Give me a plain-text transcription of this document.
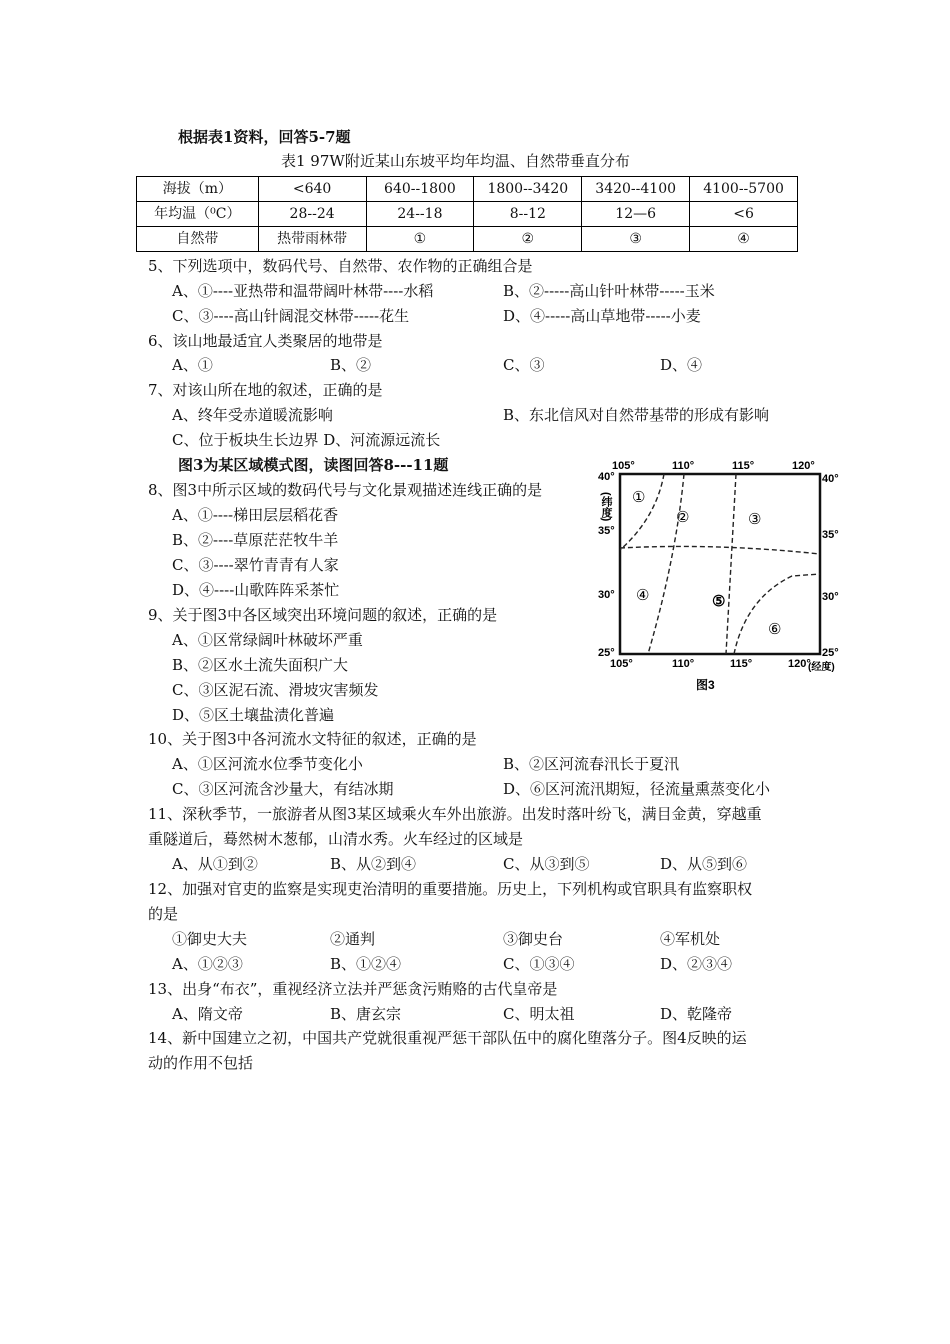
根据表1资料，回答5-7题
表1 97W附近某山东坡平均年均温、自然带垂直分布
海拔（m）	<640	640--1800	1800--3420	3420--4100	4100--5700
年均温（⁰C）	28--24	24--18	8--12	12—6	<6
自然带	热带雨林带	①	②	③	④
5、下列选项中，数码代号、自然带、农作物的正确组合是
A、①----亚热带和温带阔叶林带----水稻	B、②-----高山针叶林带-----玉米
C、③----高山针阔混交林带-----花生	D、④-----高山草地带-----小麦
6、该山地最适宜人类聚居的地带是
A、①	B、②	C、③	D、④
7、对该山所在地的叙述，正确的是
A、终年受赤道暖流影响	B、东北信风对自然带基带的形成有影响
C、位于板块生长边界 D、河流源远流长
图3为某区域模式图，读图回答8---11题
8、图3中所示区域的数码代号与文化景观描述连线正确的是
A、①----梯田层层稻花香
B、②----草原茫茫牧牛羊
C、③----翠竹青青有人家
D、④----山歌阵阵采茶忙
9、关于图3中各区域突出环境问题的叙述，正确的是
A、①区常绿阔叶林破坏严重
B、②区水土流失面积广大
C、③区泥石流、滑坡灾害频发
D、⑤区土壤盐渍化普遍
10、关于图3中各河流水文特征的叙述，正确的是
A、①区河流水位季节变化小	B、②区河流春汛长于夏汛
C、③区河流含沙量大，有结冰期	D、⑥区河流汛期短，径流量熏蒸变化小
11、深秋季节，一旅游者从图3某区域乘火车外出旅游。出发时落叶纷飞，满目金黄，穿越重
重隧道后，蓦然树木葱郁，山清水秀。火车经过的区域是
A、从①到②	B、从②到④	C、从③到⑤	D、从⑤到⑥
12、加强对官吏的监察是实现吏治清明的重要措施。历史上，下列机构或官职具有监察职权
的是
①御史大夫	②通判	③御史台	④军机处
A、①②③	B、①②④	C、①③④	D、②③④
13、出身“布衣”，重视经济立法并严惩贪污贿赂的古代皇帝是
A、隋文帝	B、唐玄宗	C、明太祖	D、乾隆帝
14、新中国建立之初，中国共产党就很重视严惩干部队伍中的腐化堕落分子。图4反映的运
动的作用不包括
105°	110°	115°	120°
105°	110°	115°	120°
(经度)
40°
35°
30°
25°
(纬度)
40°
35°
30°
25°
①
②	③
④	⑤
⑥
图3
